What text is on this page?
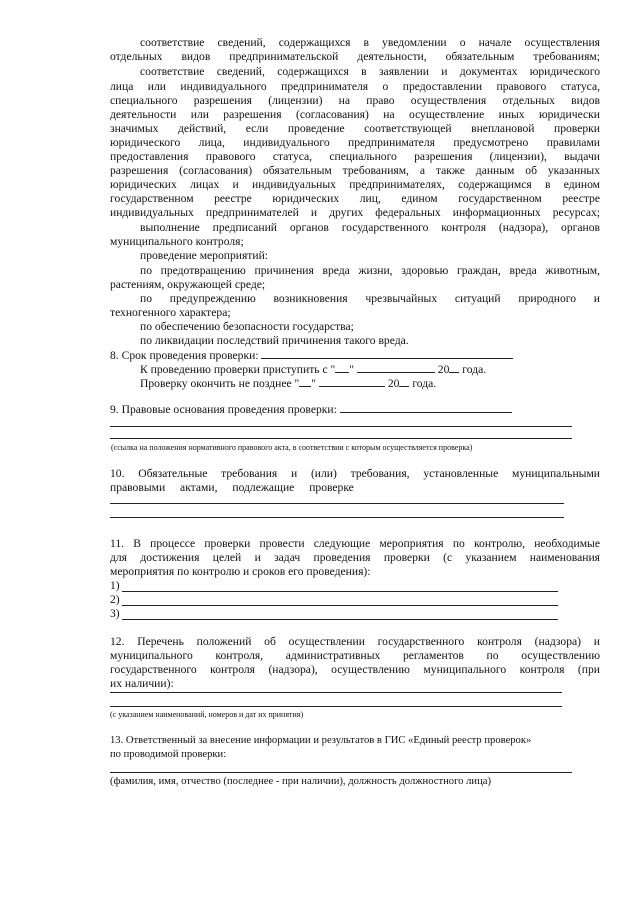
соответствие сведений, содержащихся в уведомлении о начале осуществления
отдельных видов предпринимательской деятельности, обязательным требованиям;
соответствие сведений, содержащихся в заявлении и документах юридического
лица или индивидуального предпринимателя о предоставлении правового статуса,
специального разрешения (лицензии) на право осуществления отдельных видов
деятельности или разрешения (согласования) на осуществление иных юридически
значимых действий, если проведение соответствующей внеплановой проверки
юридического лица, индивидуального предпринимателя предусмотрено правилами
предоставления правового статуса, специального разрешения (лицензии), выдачи
разрешения (согласования) обязательным требованиям, а также данным об указанных
юридических лицах и индивидуальных предпринимателях, содержащимся в едином
государственном реестре юридических лиц, едином государственном реестре
индивидуальных предпринимателей и других федеральных информационных ресурсах;
выполнение предписаний органов государственного контроля (надзора), органов
муниципального контроля;
проведение мероприятий:
по предотвращению причинения вреда жизни, здоровью граждан, вреда животным,
растениям, окружающей среде;
по предупреждению возникновения чрезвычайных ситуаций природного и
техногенного характера;
по обеспечению безопасности государства;
по ликвидации последствий причинения такого вреда.
8. Срок проведения проверки:
К проведению проверки приступить с " "	20 года.
Проверку окончить не позднее " "	20 года.
9. Правовые основания проведения проверки:
(ссылка на положения нормативного правового акта, в соответствии с которым осуществляется проверка)
10. Обязательные требования и (или) требования, установленные муниципальными
правовыми актами, подлежащие проверке
11. В процессе проверки провести следующие мероприятия по контролю, необходимые
для достижения целей и задач проведения проверки (с указанием наименования
мероприятия по контролю и сроков его проведения):
1)
2)
3)
12. Перечень положений об осуществлении государственного контроля (надзора) и
муниципального контроля, административных регламентов по осуществлению
государственного контроля (надзора), осуществлению муниципального контроля (при
их наличии):
(с указанием наименований, номеров и дат их принятия)
13. Ответственный за внесение информации и результатов в ГИС «Единый реестр проверок»
по проводимой проверки:
(фамилия, имя, отчество (последнее - при наличии), должность должностного лица)
